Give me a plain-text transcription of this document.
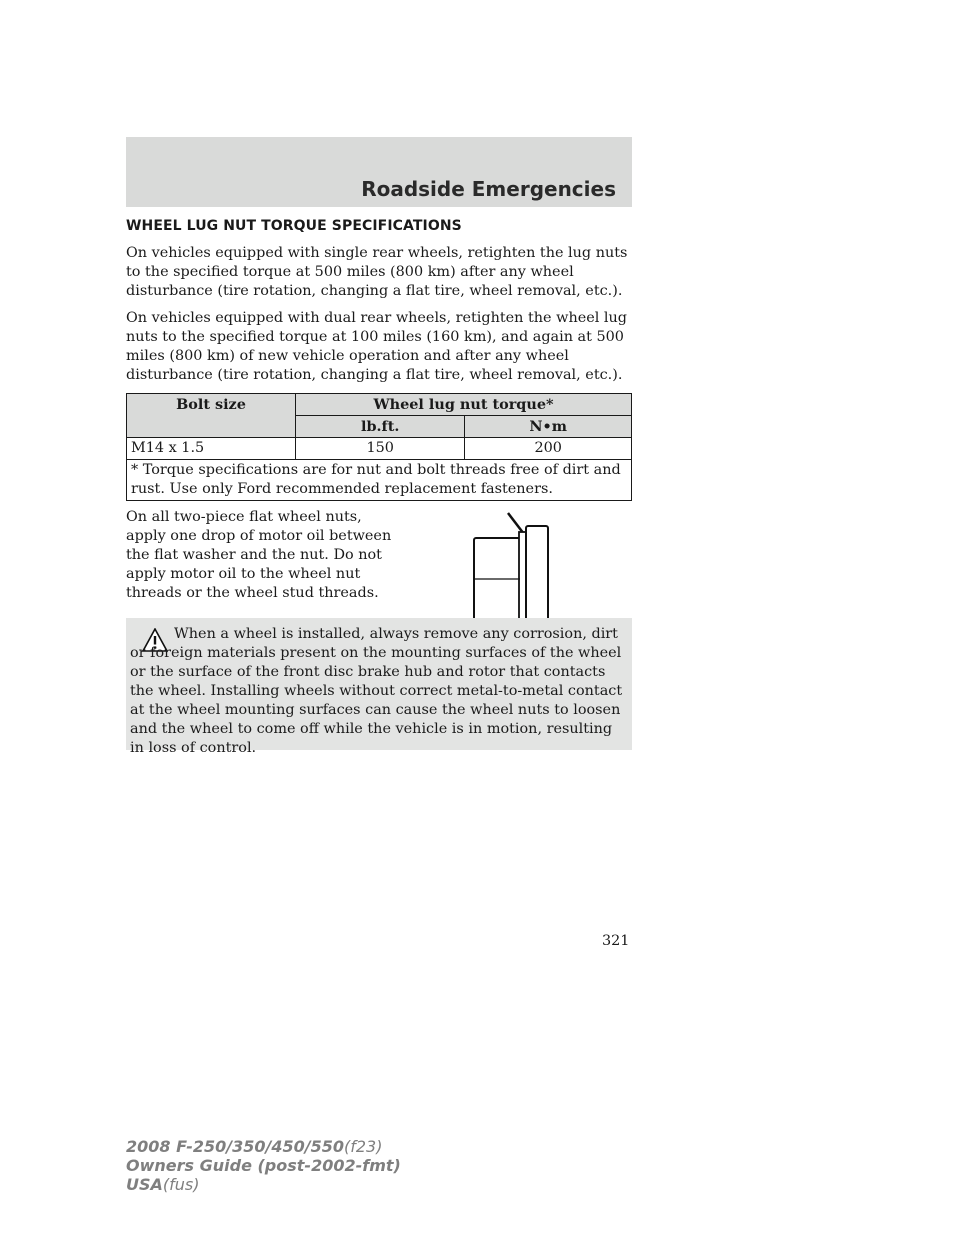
Roadside Emergencies
WHEEL LUG NUT TORQUE SPECIFICATIONS

On vehicles equipped with single rear wheels, retighten the lug nuts to the specified torque at 500 miles (800 km) after any wheel disturbance (tire rotation, changing a flat tire, wheel removal, etc.).

On vehicles equipped with dual rear wheels, retighten the wheel lug nuts to the specified torque at 100 miles (160 km), and again at 500 miles (800 km) of new vehicle operation and after any wheel disturbance (tire rotation, changing a flat tire, wheel removal, etc.).

Bolt size	Wheel lug nut torque*	
	lb.ft.	N•m
M14 x 1.5	150	200

* Torque specifications are for nut and bolt threads free of dirt and
rust. Use only Ford recommended replacement fasteners.		
On all two-piece flat wheel nuts, apply one drop of motor oil between the flat washer and the nut. Do not apply motor oil to the wheel nut threads or the wheel stud threads.

When a wheel is installed, always remove any corrosion, dirt or foreign materials present on the mounting surfaces of the wheel or the surface of the front disc brake hub and rotor that contacts the wheel. Installing wheels without correct metal-to-metal contact at the wheel mounting surfaces can cause the wheel nuts to loosen and the wheel to come off while the vehicle is in motion, resulting in loss of control.

321
2008 F-250/350/450/550(f23)
Owners Guide (post-2002-fmt)
USA(fus)
